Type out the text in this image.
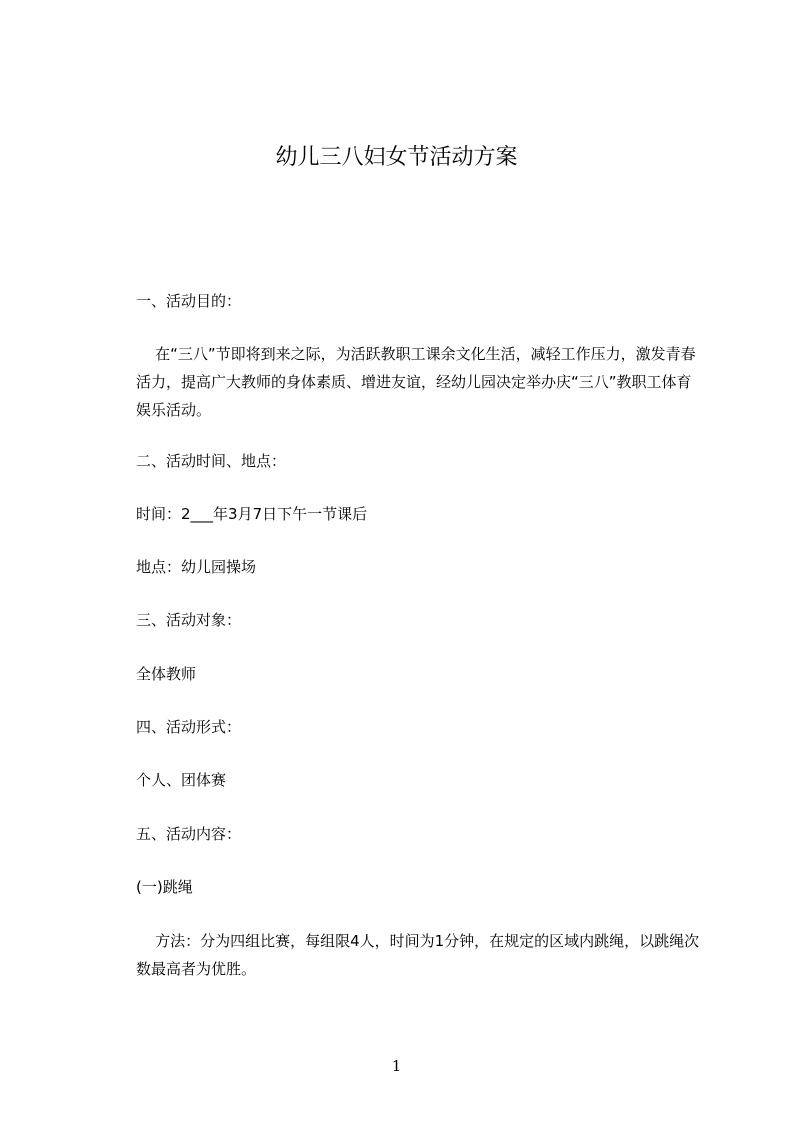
幼儿三八妇女节活动方案
一、活动目的：
在“三八”节即将到来之际，为活跃教职工课余文化生活，减轻工作压力，激发青春活力，提高广大教师的身体素质、增进友谊，经幼儿园决定举办庆“三八”教职工体育娱乐活动。
二、活动时间、地点：
时间：2___年3月7日下午一节课后
地点：幼儿园操场
三、活动对象：
全体教师
四、活动形式：
个人、团体赛
五、活动内容：
(一)跳绳
方法：分为四组比赛，每组限4人，时间为1分钟，在规定的区域内跳绳，以跳绳次数最高者为优胜。
1
